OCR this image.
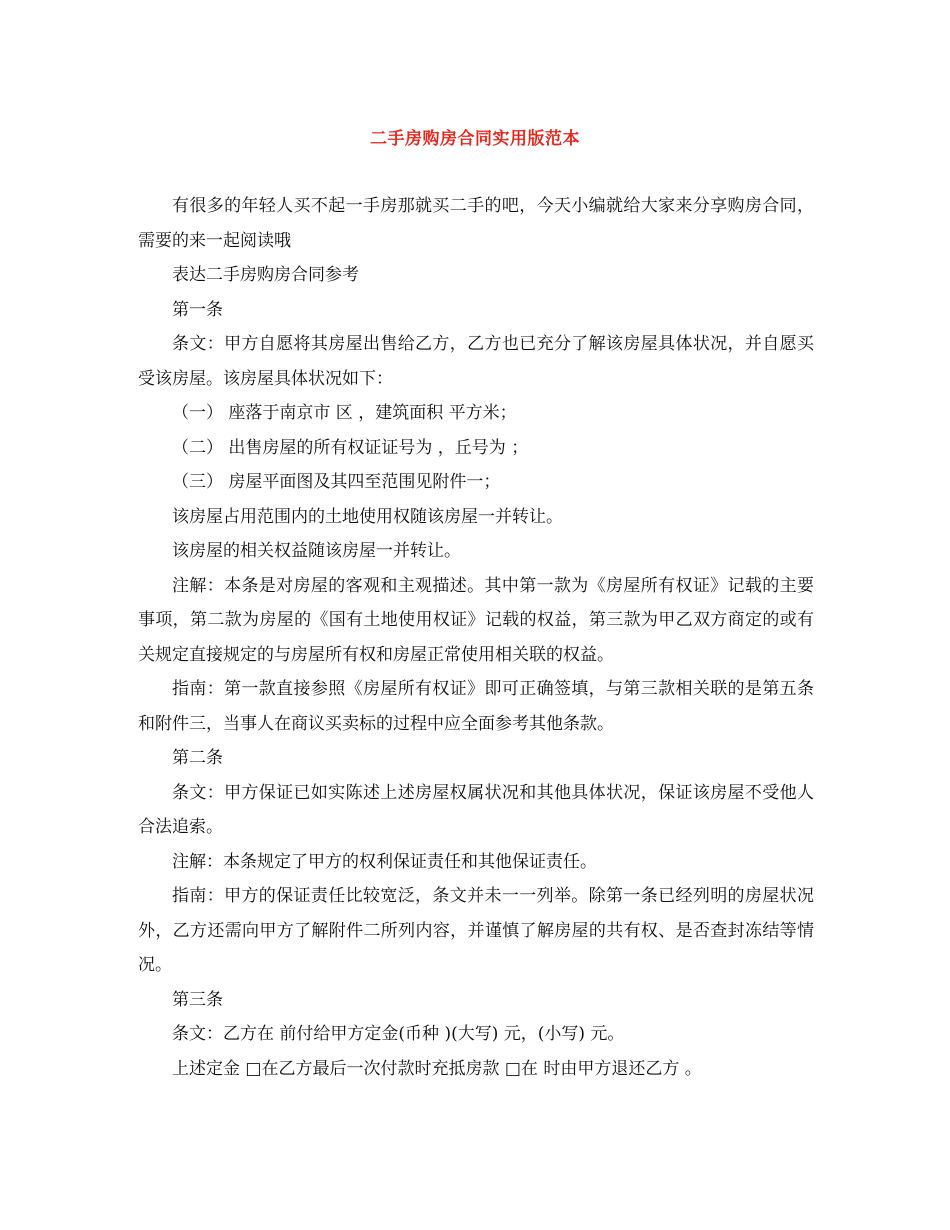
二手房购房合同实用版范本

有很多的年轻人买不起一手房那就买二手的吧，今天小编就给大家来分享购房合同，需要的来一起阅读哦

表达二手房购房合同参考

第一条

条文：甲方自愿将其房屋出售给乙方，乙方也已充分了解该房屋具体状况，并自愿买受该房屋。该房屋具体状况如下：

（一） 座落于南京市 区 ，建筑面积 平方米；

（二） 出售房屋的所有权证证号为 ，丘号为 ；

（三） 房屋平面图及其四至范围见附件一；

该房屋占用范围内的土地使用权随该房屋一并转让。

该房屋的相关权益随该房屋一并转让。

注解：本条是对房屋的客观和主观描述。其中第一款为《房屋所有权证》记载的主要事项，第二款为房屋的《国有土地使用权证》记载的权益，第三款为甲乙双方商定的或有关规定直接规定的与房屋所有权和房屋正常使用相关联的权益。

指南：第一款直接参照《房屋所有权证》即可正确签填，与第三款相关联的是第五条和附件三，当事人在商议买卖标的过程中应全面参考其他条款。

第二条

条文：甲方保证已如实陈述上述房屋权属状况和其他具体状况，保证该房屋不受他人合法追索。

注解：本条规定了甲方的权利保证责任和其他保证责任。

指南：甲方的保证责任比较宽泛，条文并未一一列举。除第一条已经列明的房屋状况外，乙方还需向甲方了解附件二所列内容，并谨慎了解房屋的共有权、是否查封冻结等情况。

第三条

条文：乙方在 前付给甲方定金(币种 )(大写) 元，(小写) 元。

上述定金 □在乙方最后一次付款时充抵房款 □在 时由甲方退还乙方 。
